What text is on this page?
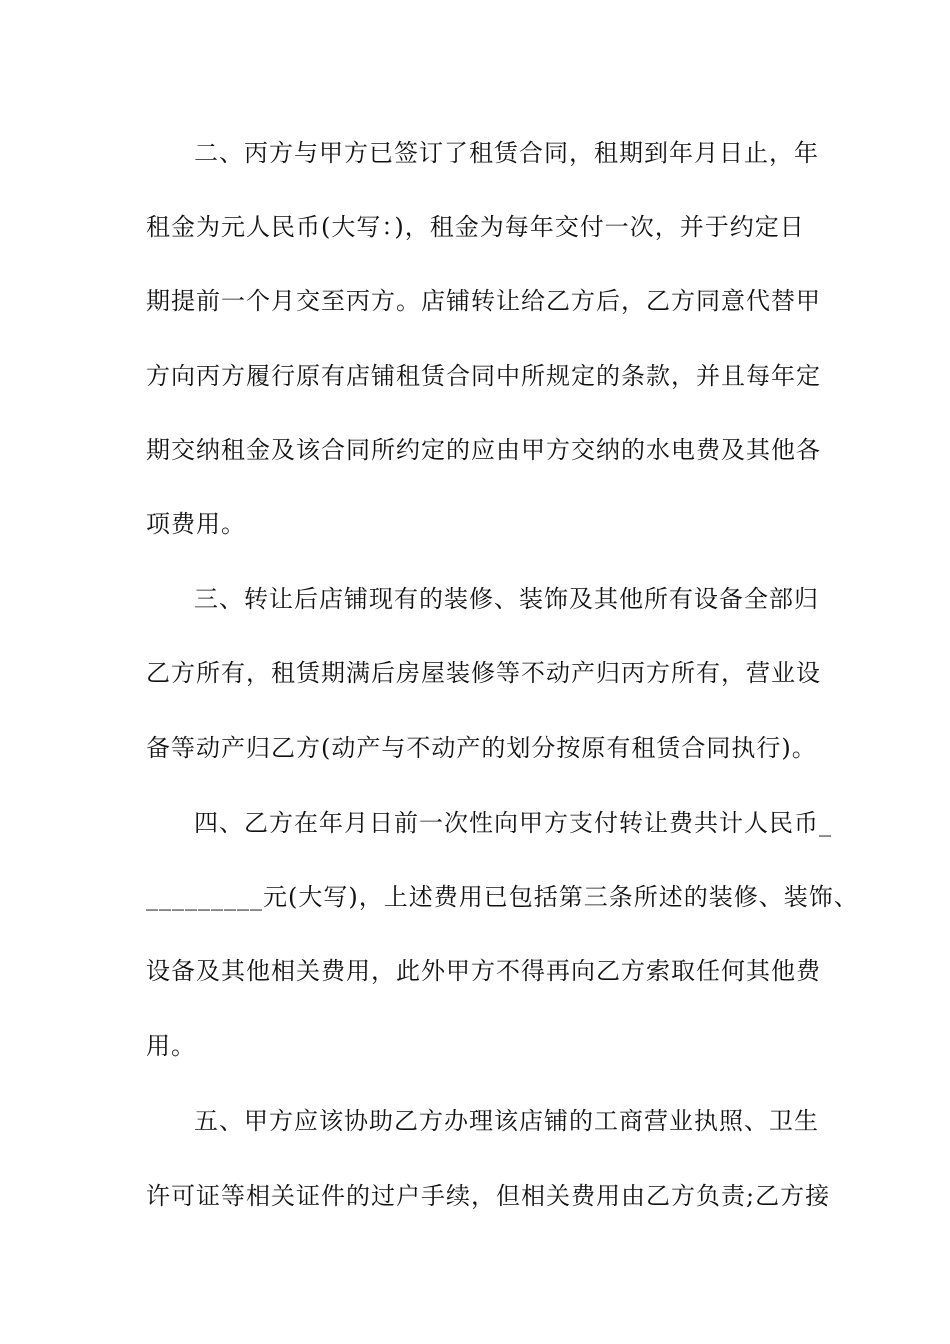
二、丙方与甲方已签订了租赁合同，租期到年月日止，年
租金为元人民币(大写：)，租金为每年交付一次，并于约定日
期提前一个月交至丙方。店铺转让给乙方后，乙方同意代替甲
方向丙方履行原有店铺租赁合同中所规定的条款，并且每年定
期交纳租金及该合同所约定的应由甲方交纳的水电费及其他各
项费用。
三、转让后店铺现有的装修、装饰及其他所有设备全部归
乙方所有，租赁期满后房屋装修等不动产归丙方所有，营业设
备等动产归乙方(动产与不动产的划分按原有租赁合同执行)。
四、乙方在年月日前一次性向甲方支付转让费共计人民币_
_________元(大写)，上述费用已包括第三条所述的装修、装饰、
设备及其他相关费用，此外甲方不得再向乙方索取任何其他费
用。
五、甲方应该协助乙方办理该店铺的工商营业执照、卫生
许可证等相关证件的过户手续，但相关费用由乙方负责;乙方接
